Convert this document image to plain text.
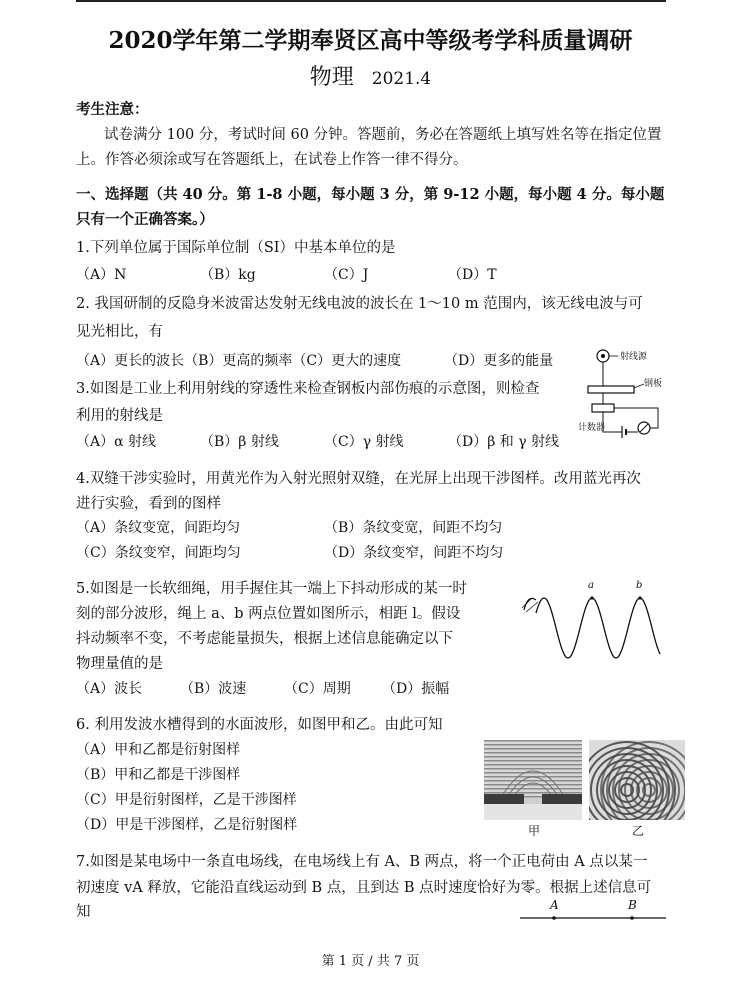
2020学年第二学期奉贤区高中等级考学科质量调研
物理 2021.4
考生注意：
试卷满分 100 分，考试时间 60 分钟。答题前，务必在答题纸上填写姓名等在指定位置
上。作答必须涂或写在答题纸上，在试卷上作答一律不得分。
一、选择题（共 40 分。第 1-8 小题，每小题 3 分，第 9-12 小题，每小题 4 分。每小题
只有一个正确答案。）
1.下列单位属于国际单位制（SI）中基本单位的是
（A）N	（B）kg	（C）J	（D）T
2. 我国研制的反隐身米波雷达发射无线电波的波长在 1～10 m 范围内，该无线电波与可
见光相比，有
（A）更长的波长（B）更高的频率（C）更大的速度	（D）更多的能量
3.如图是工业上利用射线的穿透性来检查钢板内部伤痕的示意图，则检查
利用的射线是
（A）α 射线	（B）β 射线	（C）γ 射线	（D）β 和 γ 射线
射线源
钢板
计数器
4.双缝干涉实验时，用黄光作为入射光照射双缝，在光屏上出现干涉图样。改用蓝光再次
进行实验，看到的图样
（A）条纹变宽，间距均匀	（B）条纹变宽，间距不均匀
（C）条纹变窄，间距均匀	（D）条纹变窄，间距不均匀
5.如图是一长软细绳，用手握住其一端上下抖动形成的某一时
刻的部分波形，绳上 a、b 两点位置如图所示，相距 l。假设
抖动频率不变，不考虑能量损失，根据上述信息能确定以下
物理量值的是
（A）波长	（B）波速	（C）周期 （D）振幅
a	b
6. 利用发波水槽得到的水面波形，如图甲和乙。由此可知
（A）甲和乙都是衍射图样
（B）甲和乙都是干涉图样
（C）甲是衍射图样，乙是干涉图样
（D）甲是干涉图样，乙是衍射图样	甲	乙
7.如图是某电场中一条直电场线，在电场线上有 A、B 两点，将一个正电荷由 A 点以某一
初速度 vA 释放，它能沿直线运动到 B 点，且到达 B 点时速度恰好为零。根据上述信息可
知	A	B
第 1 页 / 共 7 页
